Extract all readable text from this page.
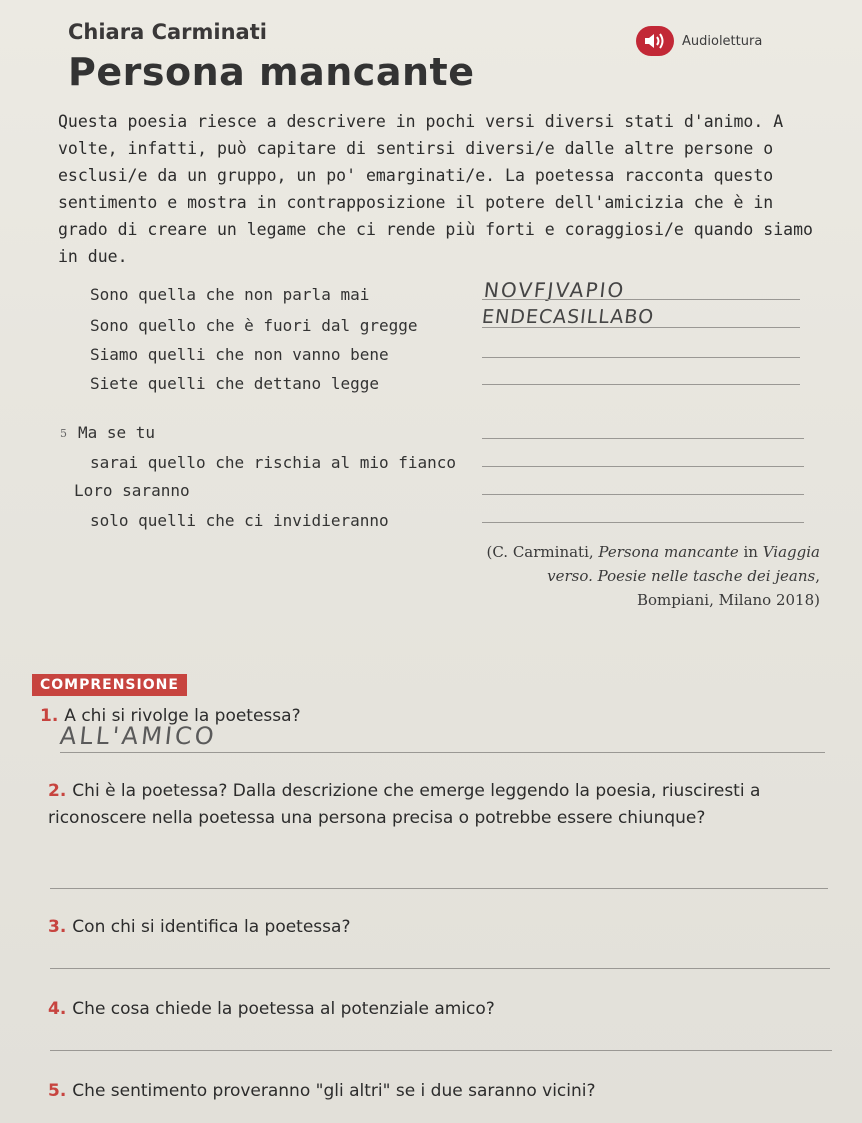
Chiara Carminati
Persona mancante
Audiolettura
Questa poesia riesce a descrivere in pochi versi diversi stati d'animo. A volte, infatti, può capitare di sentirsi diversi/e dalle altre persone o esclusi/e da un gruppo, un po' emarginati/e. La poetessa racconta questo sentimento e mostra in contrapposizione il potere dell'amicizia che è in grado di creare un legame che ci rende più forti e coraggiosi/e quando siamo in due.
Sono quella che non parla mai
Sono quello che è fuori dal gregge
Siamo quelli che non vanno bene
Siete quelli che dettano legge
5 Ma se tu
sarai quello che rischia al mio fianco
Loro saranno
solo quelli che ci invidieranno
NOVFJVAPIO
ENDECASILLABO
(C. Carminati, Persona mancante in Viaggia verso. Poesie nelle tasche dei jeans, Bompiani, Milano 2018)
COMPRENSIONE
1. A chi si rivolge la poetessa?
ALL'AMICO
2. Chi è la poetessa? Dalla descrizione che emerge leggendo la poesia, riusciresti a riconoscere nella poetessa una persona precisa o potrebbe essere chiunque?
3. Con chi si identifica la poetessa?
4. Che cosa chiede la poetessa al potenziale amico?
5. Che sentimento proveranno "gli altri" se i due saranno vicini?
